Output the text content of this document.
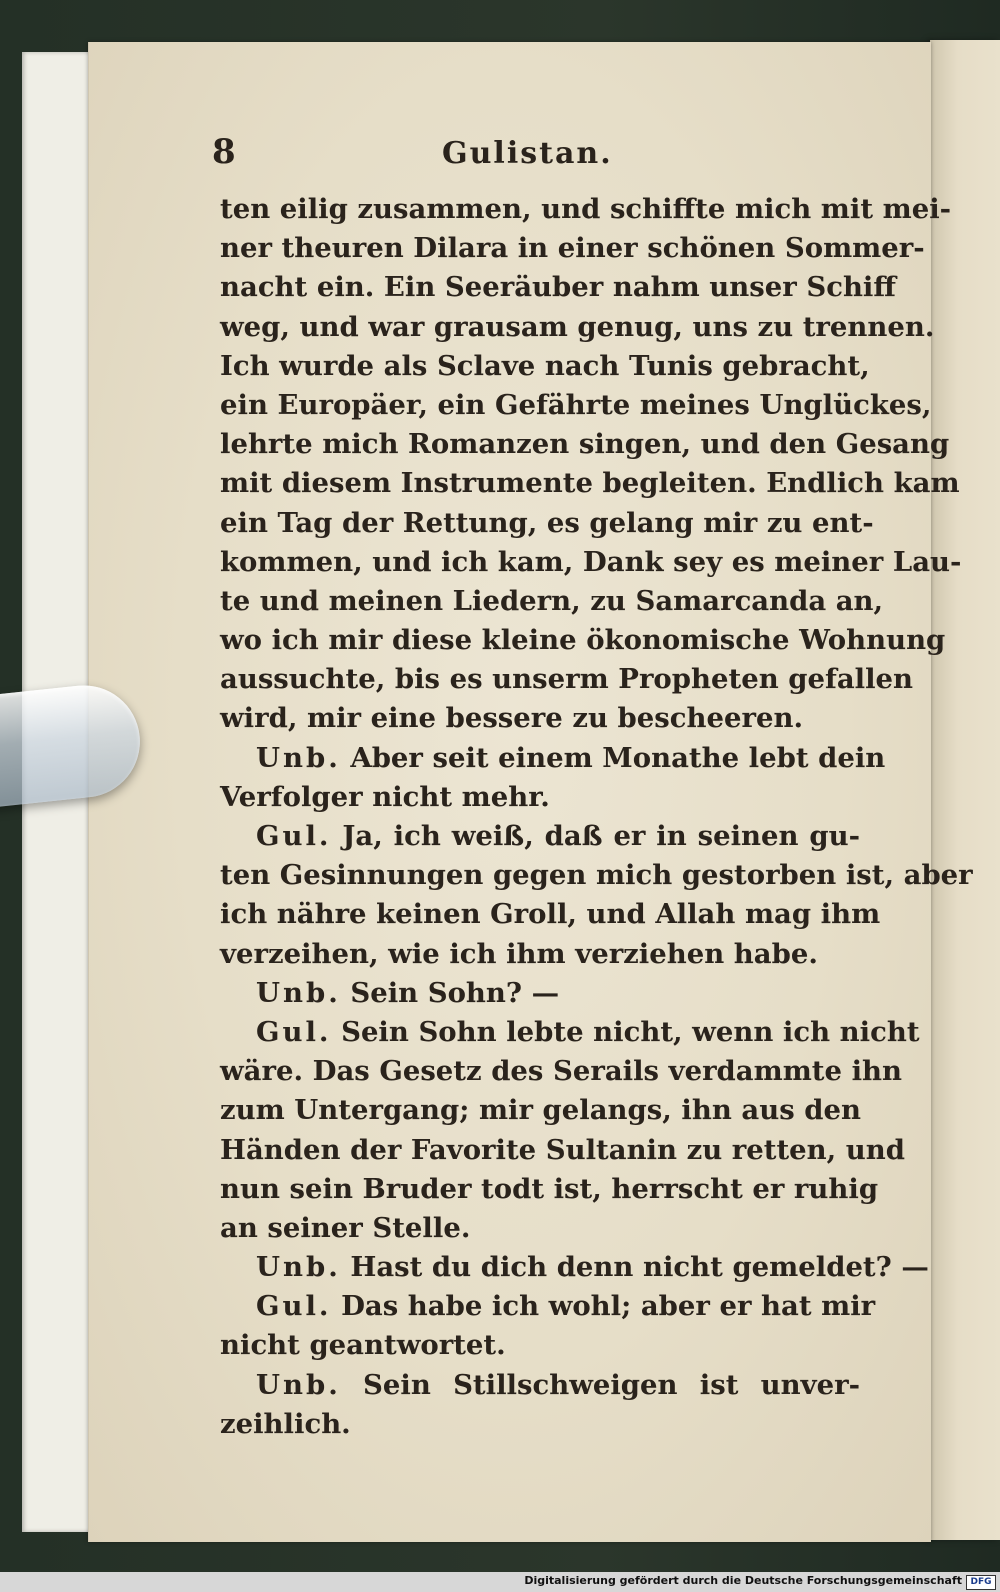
8	Gulistan.
ten eilig zusammen, und schiffte mich mit mei-
ner theuren Dilara in einer schönen Sommer-
nacht ein. Ein Seeräuber nahm unser Schiff
weg, und war grausam genug, uns zu trennen.
Ich wurde als Sclave nach Tunis gebracht,
ein Europäer, ein Gefährte meines Unglückes,
lehrte mich Romanzen singen, und den Gesang
mit diesem Instrumente begleiten. Endlich kam
ein Tag der Rettung, es gelang mir zu ent-
kommen, und ich kam, Dank sey es meiner Lau-
te und meinen Liedern, zu Samarcanda an,
wo ich mir diese kleine ökonomische Wohnung
aussuchte, bis es unserm Propheten gefallen
wird, mir eine bessere zu bescheeren.
Unb. Aber seit einem Monathe lebt dein
Verfolger nicht mehr.
Gul. Ja, ich weiß, daß er in seinen gu-
ten Gesinnungen gegen mich gestorben ist, aber
ich nähre keinen Groll, und Allah mag ihm
verzeihen, wie ich ihm verziehen habe.
Unb. Sein Sohn? —
Gul. Sein Sohn lebte nicht, wenn ich nicht
wäre. Das Gesetz des Serails verdammte ihn
zum Untergang; mir gelangs, ihn aus den
Händen der Favorite Sultanin zu retten, und
nun sein Bruder todt ist, herrscht er ruhig
an seiner Stelle.
Unb. Hast du dich denn nicht gemeldet? —
Gul. Das habe ich wohl; aber er hat mir
nicht geantwortet.
Unb. Sein Stillschweigen ist unver-
zeihlich.
Digitalisierung gefördert durch die Deutsche Forschungsgemeinschaft DFG
